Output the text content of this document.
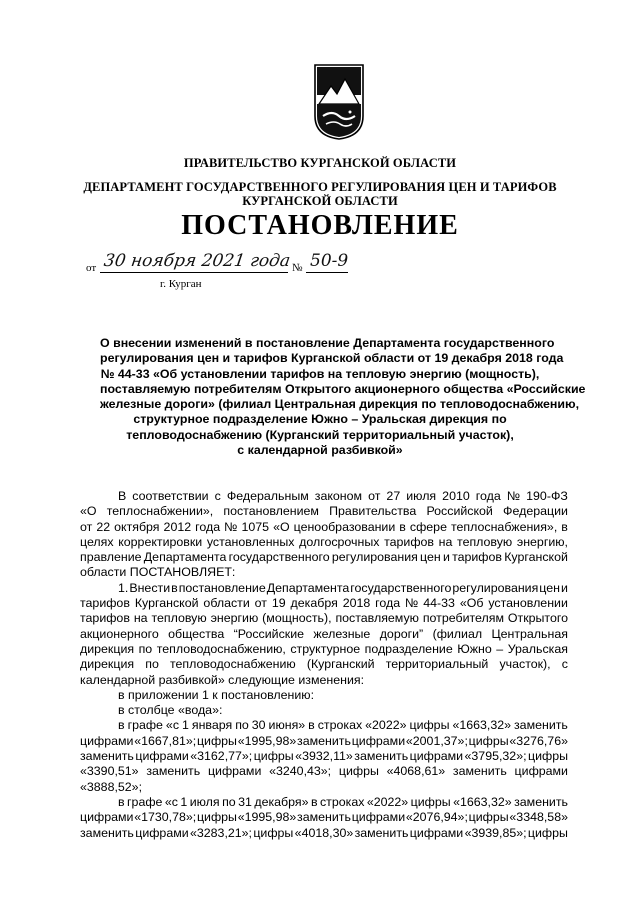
ПРАВИТЕЛЬСТВО КУРГАНСКОЙ ОБЛАСТИ
ДЕПАРТАМЕНТ ГОСУДАРСТВЕННОГО РЕГУЛИРОВАНИЯ ЦЕН И ТАРИФОВ
КУРГАНСКОЙ ОБЛАСТИ
ПОСТАНОВЛЕНИЕ
от 30 ноября 2021 года № 50-9
г. Курган
О внесении изменений в постановление Департамента государственного
регулирования цен и тарифов Курганской области от 19 декабря 2018 года
№ 44-33 «Об установлении тарифов на тепловую энергию (мощность),
поставляемую потребителям Открытого акционерного общества «Российские
железные дороги» (филиал Центральная дирекция по тепловодоснабжению,
структурное подразделение Южно – Уральская дирекция по
тепловодоснабжению (Курганский территориальный участок),
с календарной разбивкой»
В соответствии с Федеральным законом от 27 июля 2010 года № 190-ФЗ
«О теплоснабжении», постановлением Правительства Российской Федерации
от 22 октября 2012 года № 1075 «О ценообразовании в сфере теплоснабжения», в
целях корректировки установленных долгосрочных тарифов на тепловую энергию,
правление Департамента государственного регулирования цен и тарифов Курганской
области ПОСТАНОВЛЯЕТ:
1. Внести в постановление Департамента государственного регулирования цен и
тарифов Курганской области от 19 декабря 2018 года № 44-33 «Об установлении
тарифов на тепловую энергию (мощность), поставляемую потребителям Открытого
акционерного общества “Российские железные дороги” (филиал Центральная
дирекция по тепловодоснабжению, структурное подразделение Южно – Уральская
дирекция по тепловодоснабжению (Курганский территориальный участок), с
календарной разбивкой» следующие изменения:
в приложении 1 к постановлению:
в столбце «вода»:
в графе «с 1 января по 30 июня» в строках «2022» цифры «1663,32» заменить
цифрами «1667,81»; цифры «1995,98» заменить цифрами «2001,37»; цифры «3276,76»
заменить цифрами «3162,77»; цифры «3932,11» заменить цифрами «3795,32»; цифры
«3390,51» заменить цифрами «3240,43»; цифры «4068,61» заменить цифрами
«3888,52»;
в графе «с 1 июля по 31 декабря» в строках «2022» цифры «1663,32» заменить
цифрами «1730,78»; цифры «1995,98» заменить цифрами «2076,94»; цифры «3348,58»
заменить цифрами «3283,21»; цифры «4018,30» заменить цифрами «3939,85»; цифры
